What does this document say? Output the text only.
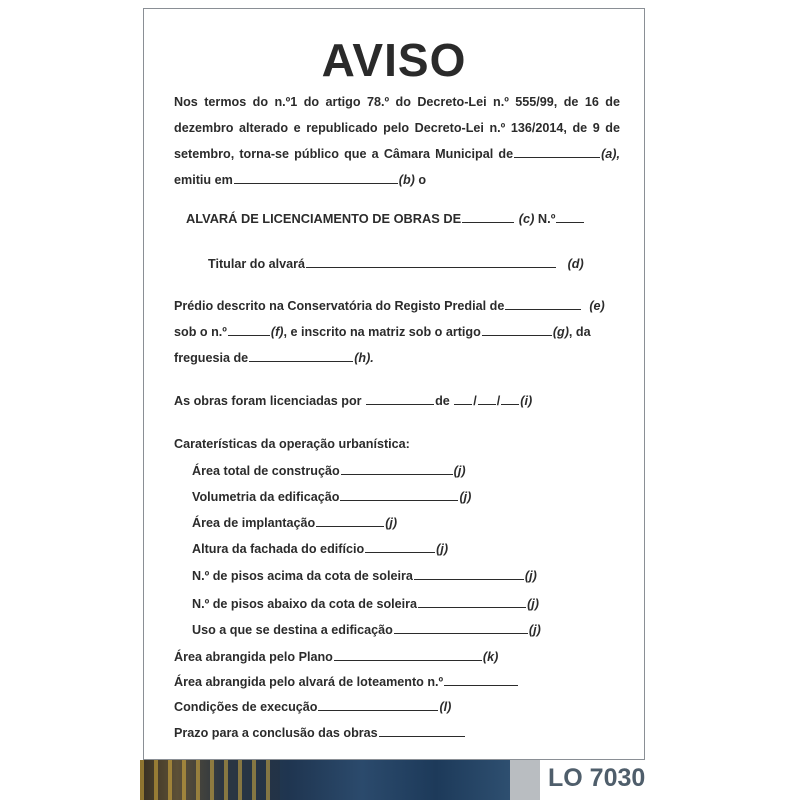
AVISO
Nos termos do n.º1 do artigo 78.º do Decreto-Lei n.º 555/99, de 16 de
dezembro alterado e republicado pelo Decreto-Lei n.º 136/2014, de 9 de
setembro, torna-se público que a Câmara Municipal de	(a),
emitiu em	(b) o
ALVARÁ DE LICENCIAMENTO DE OBRAS DE	(c) N.º
Titular do alvará	(d)
Prédio descrito na Conservatória do Registo Predial de	(e)
sob o n.º	(f), e inscrito na matriz sob o artigo	(g), da
freguesia de	(h).
As obras foram licenciadas por	de / / (i)
Caraterísticas da operação urbanística:
Área total de construção	(j)
Volumetria da edificação	(j)
Área de implantação	(j)
Altura da fachada do edifício	(j)
N.º de pisos acima da cota de soleira	(j)
N.º de pisos abaixo da cota de soleira	(j)
Uso a que se destina a edificação	(j)
Área abrangida pelo Plano	(k)
Área abrangida pelo alvará de loteamento n.º
Condições de execução	(l)
Prazo para a conclusão das obras
LO 7030
